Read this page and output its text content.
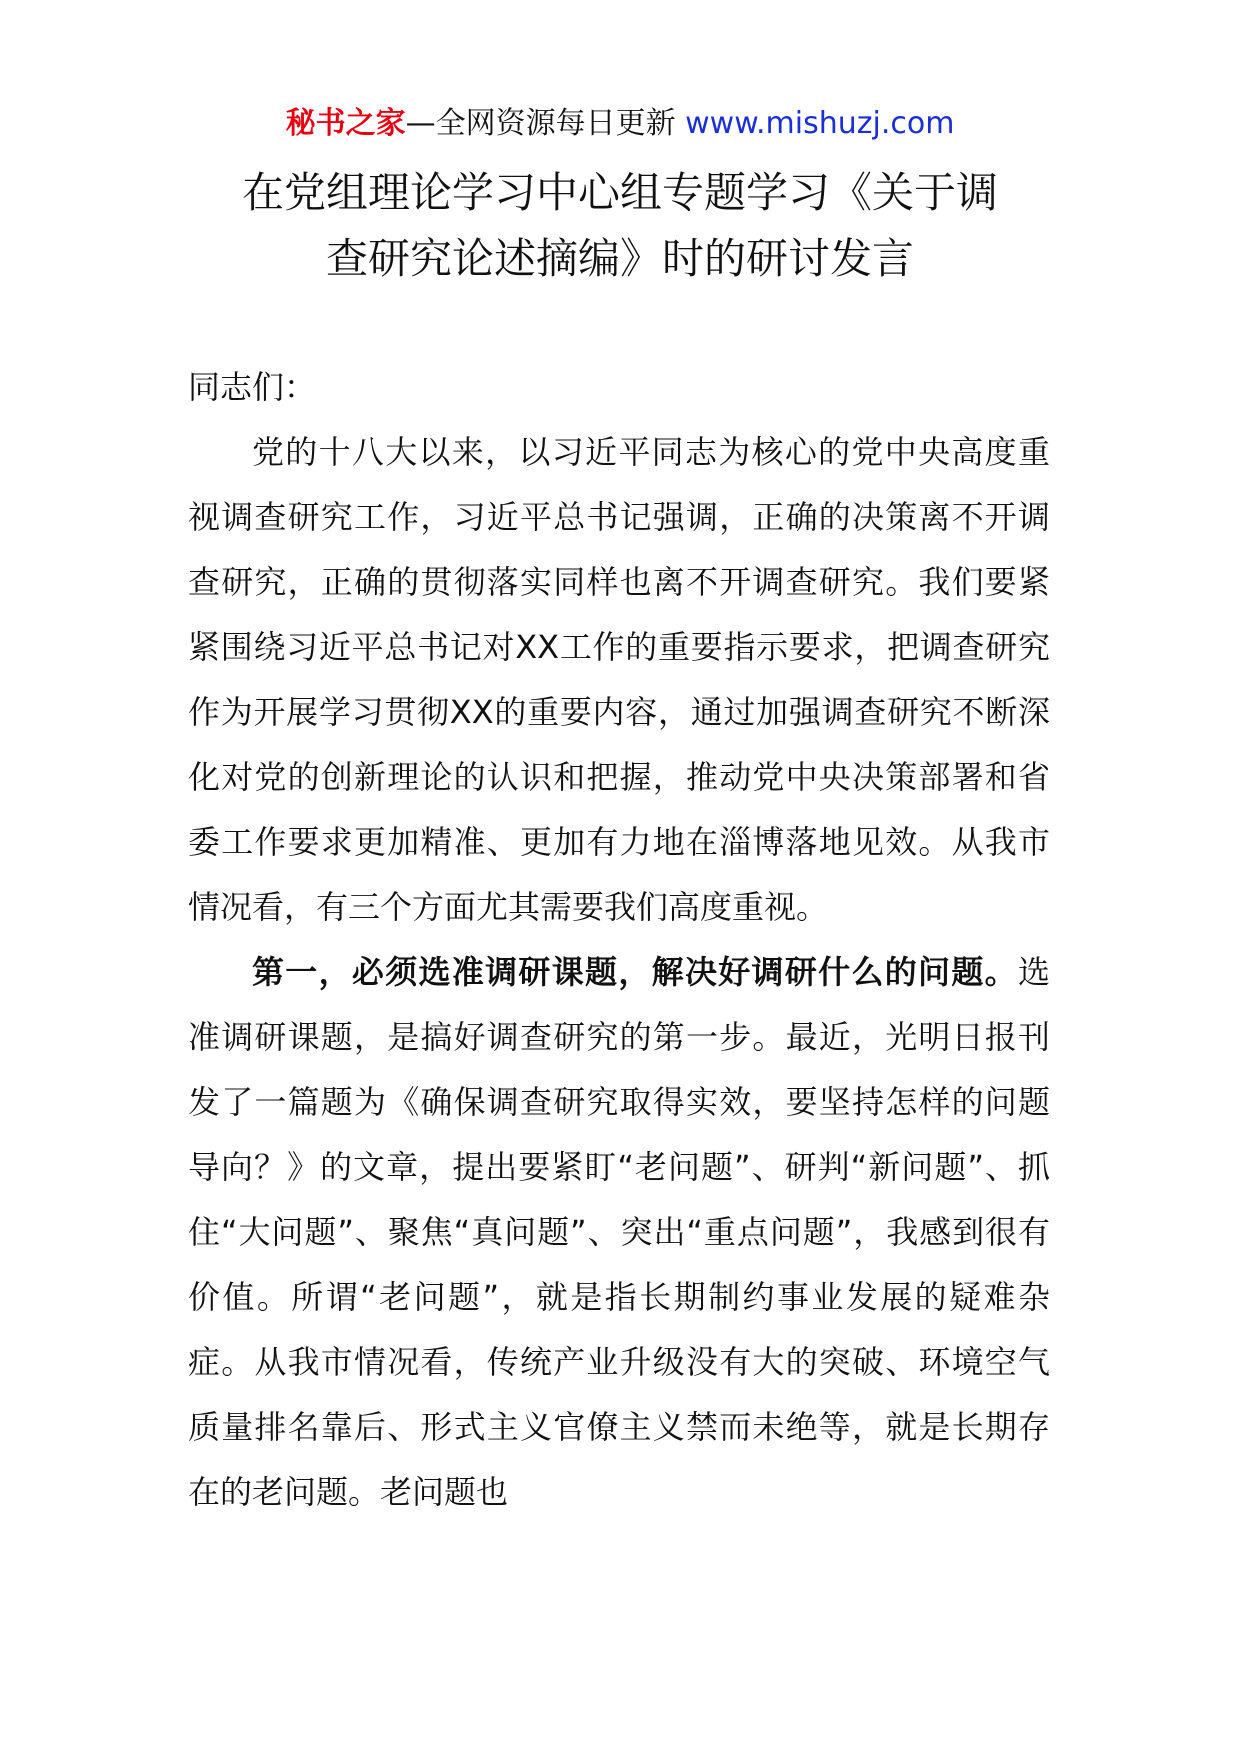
秘书之家—全网资源每日更新 www.mishuzj.com
在党组理论学习中心组专题学习《关于调
查研究论述摘编》时的研讨发言

同志们：

党的十八大以来，以习近平同志为核心的党中央高度重视调查研究工作，习近平总书记强调，正确的决策离不开调查研究，正确的贯彻落实同样也离不开调查研究。我们要紧紧围绕习近平总书记对XX工作的重要指示要求，把调查研究作为开展学习贯彻XX的重要内容，通过加强调查研究不断深化对党的创新理论的认识和把握，推动党中央决策部署和省委工作要求更加精准、更加有力地在淄博落地见效。从我市情况看，有三个方面尤其需要我们高度重视。

第一，必须选准调研课题，解决好调研什么的问题。选准调研课题，是搞好调查研究的第一步。最近，光明日报刊发了一篇题为《确保调查研究取得实效，要坚持怎样的问题导向？》的文章，提出要紧盯“老问题”、研判“新问题”、抓住“大问题”、聚焦“真问题”、突出“重点问题”，我感到很有价值。所谓“老问题”，就是指长期制约事业发展的疑难杂症。从我市情况看，传统产业升级没有大的突破、环境空气质量排名靠后、形式主义官僚主义禁而未绝等，就是长期存在的老问题。老问题也
